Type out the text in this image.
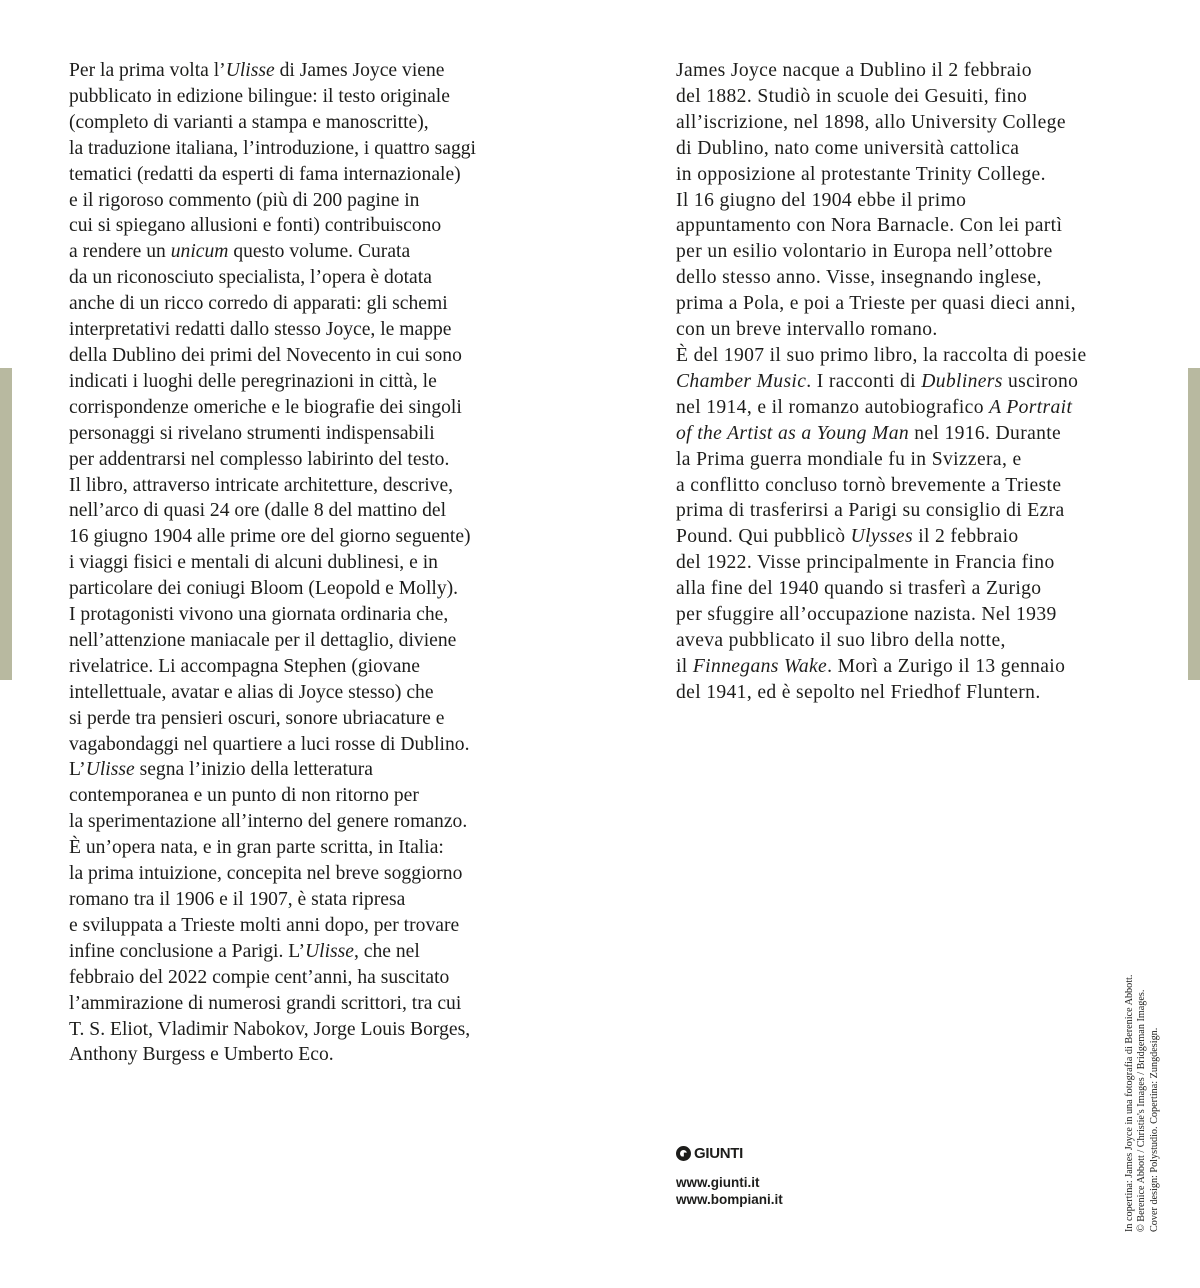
Per la prima volta l’Ulisse di James Joyce viene

pubblicato in edizione bilingue: il testo originale

(completo di varianti a stampa e manoscritte),

la traduzione italiana, l’introduzione, i quattro saggi

tematici (redatti da esperti di fama internazionale)

e il rigoroso commento (più di 200 pagine in

cui si spiegano allusioni e fonti) contribuiscono

a rendere un unicum questo volume. Curata

da un riconosciuto specialista, l’opera è dotata

anche di un ricco corredo di apparati: gli schemi

interpretativi redatti dallo stesso Joyce, le mappe

della Dublino dei primi del Novecento in cui sono

indicati i luoghi delle peregrinazioni in città, le

corrispondenze omeriche e le biografie dei singoli

personaggi si rivelano strumenti indispensabili

per addentrarsi nel complesso labirinto del testo.

Il libro, attraverso intricate architetture, descrive,

nell’arco di quasi 24 ore (dalle 8 del mattino del

16 giugno 1904 alle prime ore del giorno seguente)

i viaggi fisici e mentali di alcuni dublinesi, e in

particolare dei coniugi Bloom (Leopold e Molly).

I protagonisti vivono una giornata ordinaria che,

nell’attenzione maniacale per il dettaglio, diviene

rivelatrice. Li accompagna Stephen (giovane

intellettuale, avatar e alias di Joyce stesso) che

si perde tra pensieri oscuri, sonore ubriacature e

vagabondaggi nel quartiere a luci rosse di Dublino.

L’Ulisse segna l’inizio della letteratura

contemporanea e un punto di non ritorno per

la sperimentazione all’interno del genere romanzo.

È un’opera nata, e in gran parte scritta, in Italia:

la prima intuizione, concepita nel breve soggiorno

romano tra il 1906 e il 1907, è stata ripresa

e sviluppata a Trieste molti anni dopo, per trovare

infine conclusione a Parigi. L’Ulisse, che nel

febbraio del 2022 compie cent’anni, ha suscitato

l’ammirazione di numerosi grandi scrittori, tra cui

T. S. Eliot, Vladimir Nabokov, Jorge Louis Borges,

Anthony Burgess e Umberto Eco.

James Joyce nacque a Dublino il 2 febbraio

del 1882. Studiò in scuole dei Gesuiti, fino

all’iscrizione, nel 1898, allo University College

di Dublino, nato come università cattolica

in opposizione al protestante Trinity College.

Il 16 giugno del 1904 ebbe il primo

appuntamento con Nora Barnacle. Con lei partì

per un esilio volontario in Europa nell’ottobre

dello stesso anno. Visse, insegnando inglese,

prima a Pola, e poi a Trieste per quasi dieci anni,

con un breve intervallo romano.

È del 1907 il suo primo libro, la raccolta di poesie

Chamber Music. I racconti di Dubliners uscirono

nel 1914, e il romanzo autobiografico A Portrait

of the Artist as a Young Man nel 1916. Durante

la Prima guerra mondiale fu in Svizzera, e

a conflitto concluso tornò brevemente a Trieste

prima di trasferirsi a Parigi su consiglio di Ezra

Pound. Qui pubblicò Ulysses il 2 febbraio

del 1922. Visse principalmente in Francia fino

alla fine del 1940 quando si trasferì a Zurigo

per sfuggire all’occupazione nazista. Nel 1939

aveva pubblicato il suo libro della notte,

il Finnegans Wake. Morì a Zurigo il 13 gennaio

del 1941, ed è sepolto nel Friedhof Fluntern.

GIUNTI
www.giunti.it
www.bompiani.it	In copertina: James Joyce in una fotografia di Berenice Abbott. © Berenice Abbott / Christie's Images / Bridgeman Images. Cover design: Polystudio. Copertina: Zungdesign.
